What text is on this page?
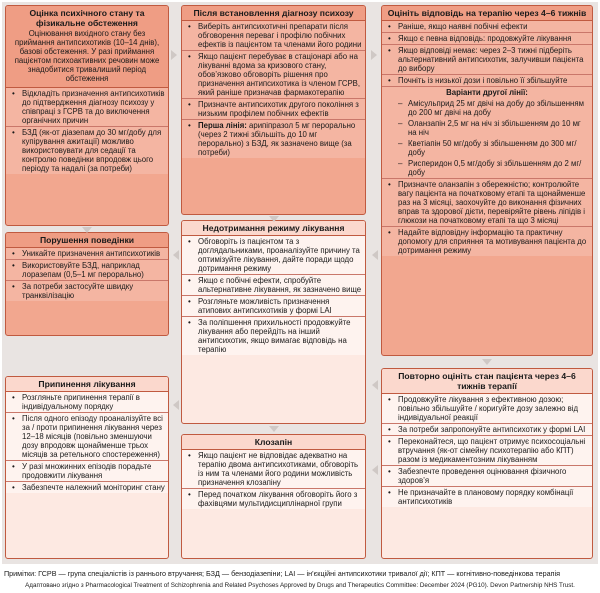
Оцінка психічного стану та фізикальне обстеження
Оцінювання вихідного стану без приймання антипсихотиків (10–14 днів), базові обстеження. У разі приймання пацієнтом психоактивних речовин може знадобитися тривалиший період обстеження
• Відкладіть призначення антипсихотиків до підтвердження діагнозу психозу у співпраці з ГСРВ та до виключення органічних причин
• БЗД (як-от діазепам до 30 мг/добу для купірування ажитації) можливо використовувати для седації та контролю поведінки впродовж цього періоду та надалі (за потреби)
Порушення поведінки
• Уникайте призначення антипсихотиків
• Використовуйте БЗД, наприклад лоразепам (0,5–1 мг перорально)
• За потреби застосуйте швидку транквілізацію
Припинення лікування
• Розгляньте припинення терапії в індивідуальному порядку
• Після одного епізоду проаналізуйте всі за / проти припинення лікування через 12–18 місяців (повільно зменшуючи дозу впродовж щонайменше трьох місяців за ретельного спостереження)
• У разі множинних епізодів порадьте продовжити лікування
• Забезпечте належний моніторинг стану
Після встановлення діагнозу психозу
• Виберіть антипсихотичні препарати після обговорення переваг і профілю побічних ефектів із пацієнтом та членами його родини
• Якщо пацієнт перебуває в стаціонарі або на лікуванні вдома за кризового стану, обов’язково обговоріть рішення про призначення антипсихотика із членом ГСРВ, який раніше призначав фармакотерапію
• Призначте антипсихотик другого покоління з низьким профілем побічних ефектів
• Перша лінія: арипіпразол 5 мг перорально (через 2 тижні збільшіть до 10 мг перорально) з БЗД, як зазначено вище (за потреби)
Недотримання режиму лікування
• Обговоріть із пацієнтом та з доглядальниками, проаналізуйте причину та оптимізуйте лікування, дайте поради щодо дотримання режиму
• Якщо є побічні ефекти, спробуйте альтернативне лікування, як зазначено вище
• Розгляньте можливість призначення атипових антипсихотиків у формі LAI
• За поліпшення прихильності продовжуйте лікування або перейдіть на інший антипсихотик, якщо вимагає відповідь на терапію
Клозапін
• Якщо пацієнт не відповідає адекватно на терапію двома антипсихотиками, обговоріть із ним та членами його родини можливість призначення клозапіну
• Перед початком лікування обговоріть його з фахівцями мультидисциплінарної групи
Оцініть відповідь на терапію через 4–6 тижнів
• Раніше, якщо наявні побічні ефекти
• Якщо є певна відповідь: продовжуйте лікування
• Якщо відповіді немає: через 2–3 тижні підберіть альтернативний антипсихотик, залучивши пацієнта до вибору
• Почніть із низької дози і повільно її збільшуйте
Варіанти другої лінії:
– Амісульприд 25 мг двічі на добу до збільшенням до 200 мг двічі на добу
– Оланзапін 2,5 мг на ніч зі збільшенням до 10 мг на ніч
– Кветіапін 50 мг/добу зі збільшенням до 300 мг/добу
– Рисперидон 0,5 мг/добу зі збільшенням до 2 мг/добу
• Призначте оланзапін з обережністю; контролюйте вагу пацієнта на початковому етапі та щонайменше раз на 3 місяці, заохочуйте до виконання фізичних вправ та здорової дієти, перевіряйте рівень ліпідів і глюкози на початковому етапі та що 3 місяці
• Надайте відповідну інформацію та практичну допомогу для сприяння та мотивування пацієнта до дотримання режиму
Повторно оцініть стан пацієнта через 4–6 тижнів терапії
• Продовжуйте лікування з ефективною дозою; повільно збільшуйте / коригуйте дозу залежно від індивідуальної реакції
• За потреби запропонуйте антипсихотик у формі LAI
• Переконайтеся, що пацієнт отримує психосоціальні втручання (як-от сімейну психотерапію або КПТ) разом із медикаментозним лікуванням
• Забезпечте проведення оцінювання фізичного здоров’я
• Не призначайте в плановому порядку комбінації антипсихотиків
Примітки: ГСРВ — група спеціалістів із раннього втручання; БЗД — бензодіазепіни; LAI — ін’єкційні антипсихотики тривалої дії; КПТ — когнітивно-поведінкова терапія
Адаптовано згідно з Pharmacological Treatment of Schizophrenia and Related Psychoses Approved by Drugs and Therapeutics Committee: December 2024 (PG10). Devon Partnership NHS Trust.
